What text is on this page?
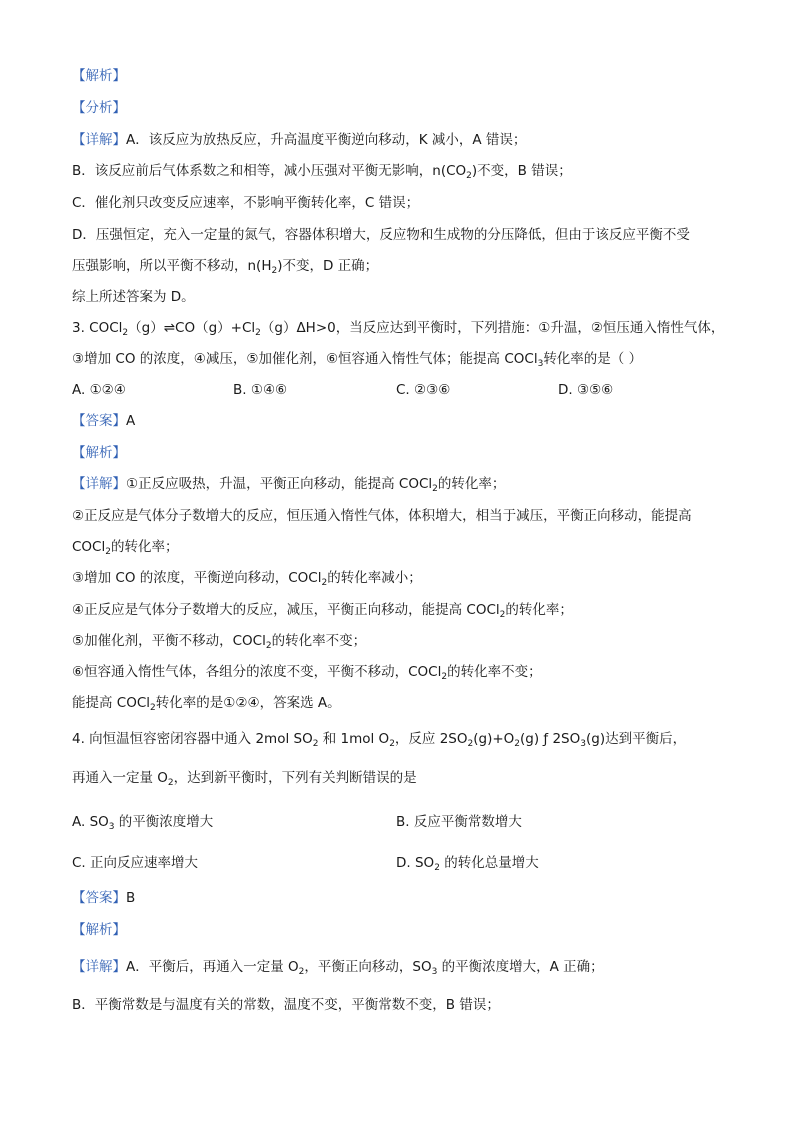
【解析】
【分析】
【详解】A．该反应为放热反应，升高温度平衡逆向移动，K 减小，A 错误；
B．该反应前后气体系数之和相等，减小压强对平衡无影响，$n(CO_2)$不变，B 错误；
C．催化剂只改变反应速率，不影响平衡转化率，C 错误；
D．压强恒定，充入一定量的氮气，容器体积增大，反应物和生成物的分压降低，但由于该反应平衡不受
压强影响，所以平衡不移动，$n(H_2)$不变，D 正确；
综上所述答案为 D。
3. $COCl_2(g)\rightleftharpoons CO(g)+Cl_2(g)\Delta H>0$，当反应达到平衡时，下列措施：①升温，②恒压通入惰性气体，
③增加 CO 的浓度，④减压，⑤加催化剂，⑥恒容通入惰性气体；能提高 COCl$_3$转化率的是（ ）
A. ①②④	B. ①④⑥	C. ②③⑥	D. ③⑤⑥
【答案】A
【解析】
【详解】①正反应吸热，升温，平衡正向移动，能提高 COCl$_2$的转化率；
②正反应是气体分子数增大的反应，恒压通入惰性气体，体积增大，相当于减压，平衡正向移动，能提高
COCl$_2$的转化率；
③增加 CO 的浓度，平衡逆向移动，COCl$_2$的转化率减小；
④正反应是气体分子数增大的反应，减压，平衡正向移动，能提高 COCl$_2$的转化率；
⑤加催化剂，平衡不移动，COCl$_2$的转化率不变；
⑥恒容通入惰性气体，各组分的浓度不变，平衡不移动，COCl$_2$的转化率不变；
能提高 COCl$_2$转化率的是①②④，答案选 A。
4. 向恒温恒容密闭容器中通入 2mol $SO_2$ 和 1mol $O_2$，反应 $2SO_2(g)+O_2(g)$ ƒ $2SO_3(g)$达到平衡后，
再通入一定量 $O_2$，达到新平衡时，下列有关判断错误的是
A. $SO_3$ 的平衡浓度增大	B. 反应平衡常数增大
C. 正向反应速率增大	D. $SO_2$ 的转化总量增大
【答案】B
【解析】
【详解】A．平衡后，再通入一定量 $O_2$，平衡正向移动，$SO_3$ 的平衡浓度增大，A 正确；
B．平衡常数是与温度有关的常数，温度不变，平衡常数不变，B 错误；
